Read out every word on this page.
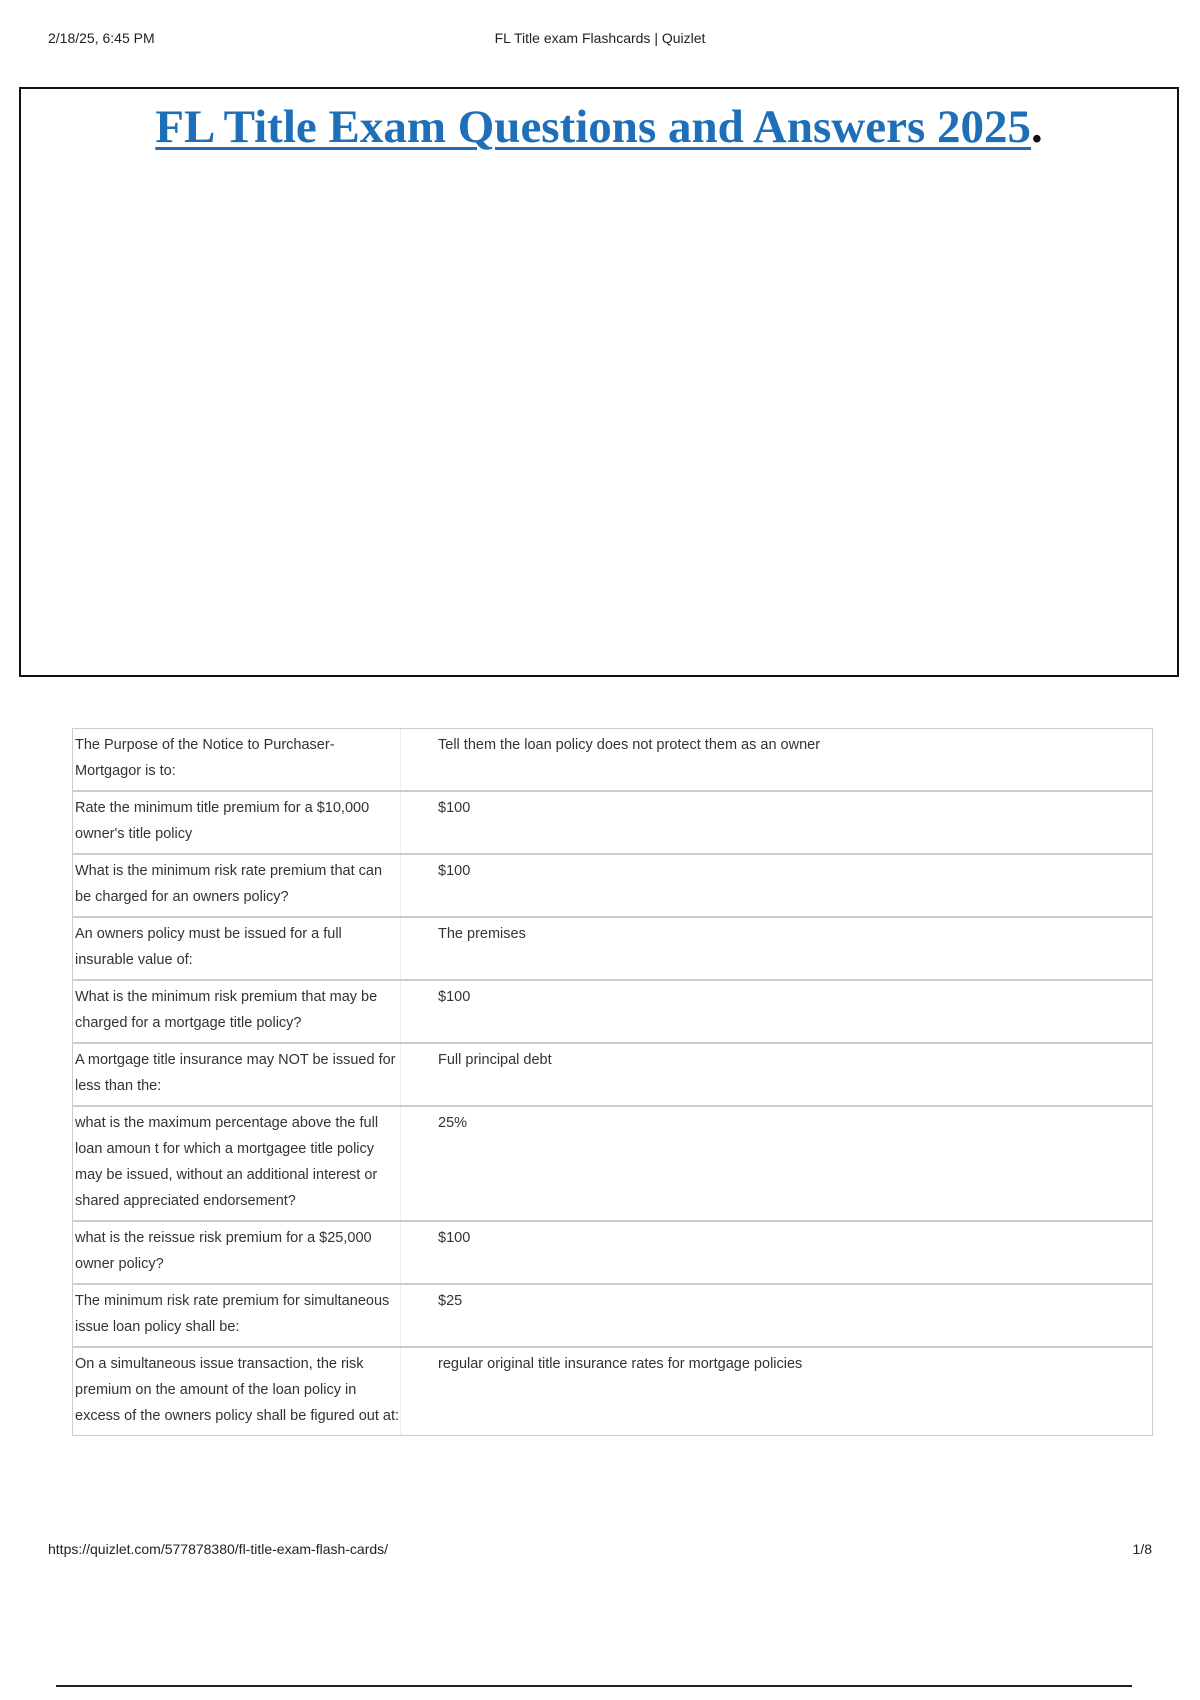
2/18/25, 6:45 PM	FL Title exam Flashcards | Quizlet
FL Title Exam Questions and Answers 2025.
The Purpose of the Notice to Purchaser-Mortgagor is to:
Tell them the loan policy does not protect them as an owner
Rate the minimum title premium for a $10,000 owner's title policy
$100
What is the minimum risk rate premium that can be charged for an owners policy?
$100
An owners policy must be issued for a full insurable value of:
The premises
What is the minimum risk premium that may be charged for a mortgage title policy?
$100
A mortgage title insurance may NOT be issued for less than the:
Full principal debt
what is the maximum percentage above the full loan amoun t for which a mortgagee title policy may be issued, without an additional interest or shared appreciated endorsement?
25%
what is the reissue risk premium for a $25,000 owner policy?
$100
The minimum risk rate premium for simultaneous issue loan policy shall be:
$25
On a simultaneous issue transaction, the risk premium on the amount of the loan policy in excess of the owners policy shall be figured out at:
regular original title insurance rates for mortgage policies
https://quizlet.com/577878380/fl-title-exam-flash-cards/	1/8
